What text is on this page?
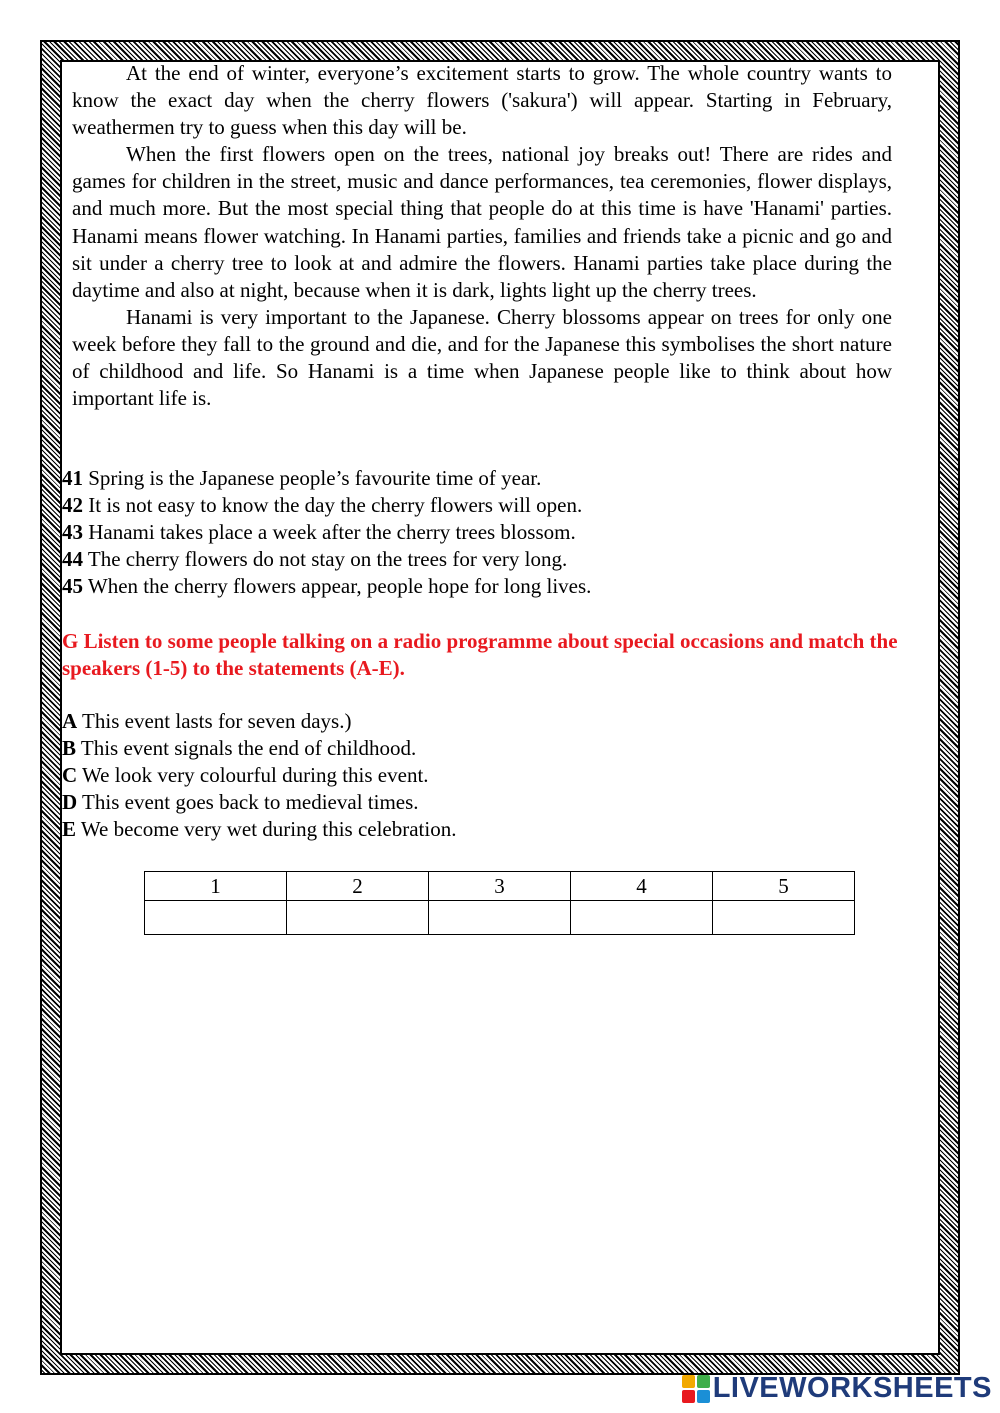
At the end of winter, everyone’s excitement starts to grow. The whole country wants to know the exact day when the cherry flowers ('sakura') will appear. Starting in February, weathermen try to guess when this day will be.

When the first flowers open on the trees, national joy breaks out! There are rides and games for children in the street, music and dance performances, tea ceremonies, flower displays, and much more. But the most special thing that people do at this time is have 'Hanami' parties. Hanami means flower watching. In Hanami parties, families and friends take a picnic and go and sit under a cherry tree to look at and admire the flowers. Hanami parties take place during the daytime and also at night, because when it is dark, lights light up the cherry trees.

Hanami is very important to the Japanese. Cherry blossoms appear on trees for only one week before they fall to the ground and die, and for the Japanese this symbolises the short nature of childhood and life. So Hanami is a time when Japanese people like to think about how important life is.

41 Spring is the Japanese people’s favourite time of year.
42 It is not easy to know the day the cherry flowers will open.
43 Hanami takes place a week after the cherry trees blossom.
44 The cherry flowers do not stay on the trees for very long.
45 When the cherry flowers appear, people hope for long lives.
G Listen to some people talking on a radio programme about special occasions and match the speakers (1-5) to the statements (A-E).
A This event lasts for seven days.)
B This event signals the end of childhood.
C We look very colourful during this event.
D This event goes back to medieval times.
E We become very wet during this celebration.
1	2	3	4	5

LIVEWORKSHEETS
